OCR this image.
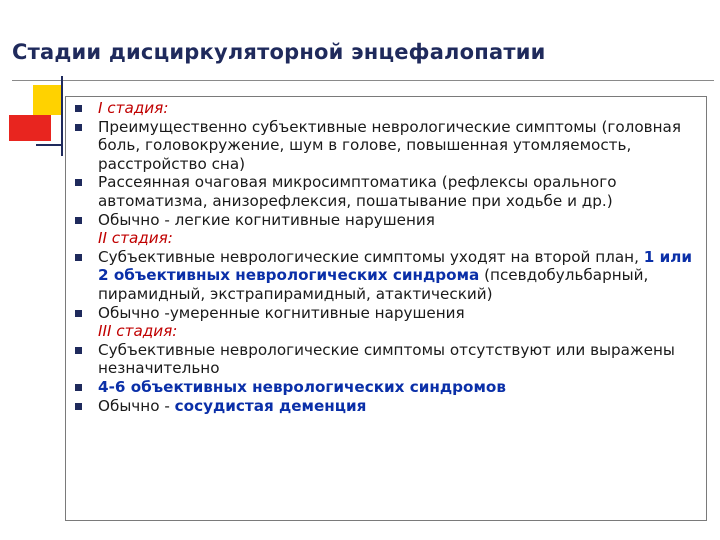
Стадии дисциркуляторной энцефалопатии
I стадия:
Преимущественно субъективные неврологические симптомы (головная боль, головокружение, шум в голове, повышенная утомляемость, расстройство сна)
Рассеянная очаговая микросимптоматика (рефлексы орального автоматизма, анизорефлексия, пошатывание при ходьбе и др.)
Обычно - легкие когнитивные нарушения
II стадия:
Субъективные неврологические симптомы уходят на второй план, 1 или 2 объективных неврологических синдрома (псевдобульбарный, пирамидный, экстрапирамидный, атактический)
Обычно -умеренные когнитивные нарушения
III стадия:
Субъективные неврологические симптомы отсутствуют или выражены незначительно
4-6 объективных неврологических синдромов
Обычно - сосудистая деменция
